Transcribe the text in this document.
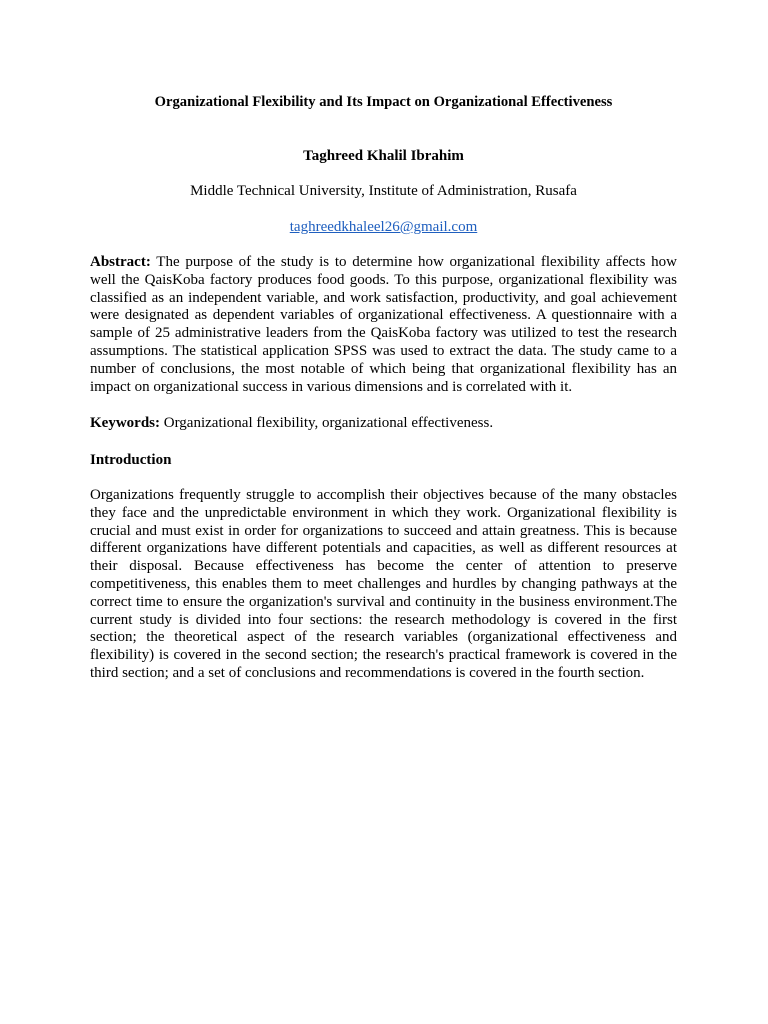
Organizational Flexibility and Its Impact on Organizational Effectiveness
Taghreed Khalil Ibrahim
Middle Technical University, Institute of Administration, Rusafa
taghreedkhaleel26@gmail.com

Abstract: The purpose of the study is to determine how organizational flexibility affects how well the QaisKoba factory produces food goods. To this purpose, organizational flexibility was classified as an independent variable, and work satisfaction, productivity, and goal achievement were designated as dependent variables of organizational effectiveness. A questionnaire with a sample of 25 administrative leaders from the QaisKoba factory was utilized to test the research assumptions. The statistical application SPSS was used to extract the data. The study came to a number of conclusions, the most notable of which being that organizational flexibility has an impact on organizational success in various dimensions and is correlated with it.

Keywords: Organizational flexibility, organizational effectiveness.

Introduction

Organizations frequently struggle to accomplish their objectives because of the many obstacles they face and the unpredictable environment in which they work. Organizational flexibility is crucial and must exist in order for organizations to succeed and attain greatness. This is because different organizations have different potentials and capacities, as well as different resources at their disposal. Because effectiveness has become the center of attention to preserve competitiveness, this enables them to meet challenges and hurdles by changing pathways at the correct time to ensure the organization's survival and continuity in the business environment.The current study is divided into four sections: the research methodology is covered in the first section; the theoretical aspect of the research variables (organizational effectiveness and flexibility) is covered in the second section; the research's practical framework is covered in the third section; and a set of conclusions and recommendations is covered in the fourth section.
